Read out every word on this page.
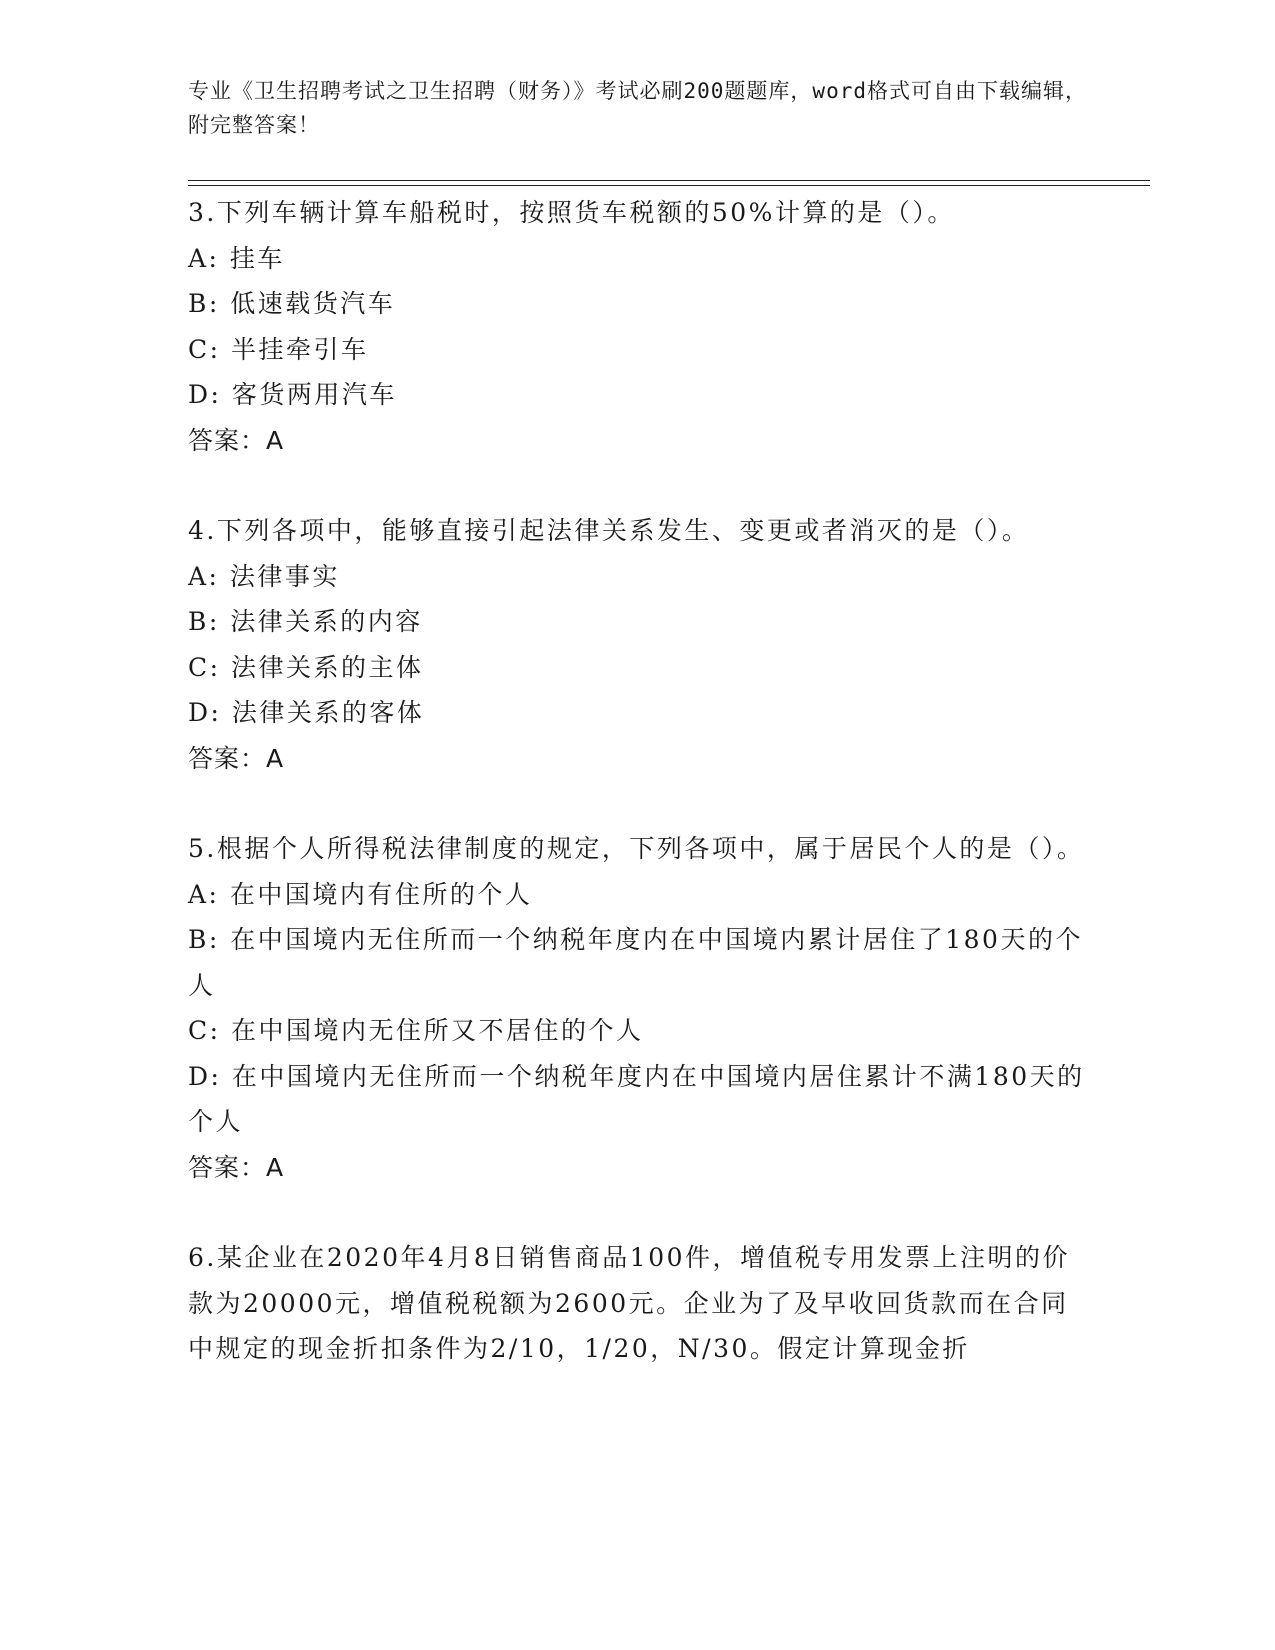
专业《卫生招聘考试之卫生招聘（财务）》考试必刷200题题库，word格式可自由下载编辑，附完整答案！
3.下列车辆计算车船税时，按照货车税额的50%计算的是（）。
A: 挂车
B: 低速载货汽车
C: 半挂牵引车
D: 客货两用汽车
答案：A
4.下列各项中，能够直接引起法律关系发生、变更或者消灭的是（）。
A: 法律事实
B: 法律关系的内容
C: 法律关系的主体
D: 法律关系的客体
答案：A
5.根据个人所得税法律制度的规定，下列各项中，属于居民个人的是（）。
A: 在中国境内有住所的个人
B: 在中国境内无住所而一个纳税年度内在中国境内累计居住了180天的个人
C: 在中国境内无住所又不居住的个人
D: 在中国境内无住所而一个纳税年度内在中国境内居住累计不满180天的个人
答案：A
6.某企业在2020年4月8日销售商品100件，增值税专用发票上注明的价款为20000元，增值税税额为2600元。企业为了及早收回货款而在合同中规定的现金折扣条件为2/10，1/20，N/30。假定计算现金折
